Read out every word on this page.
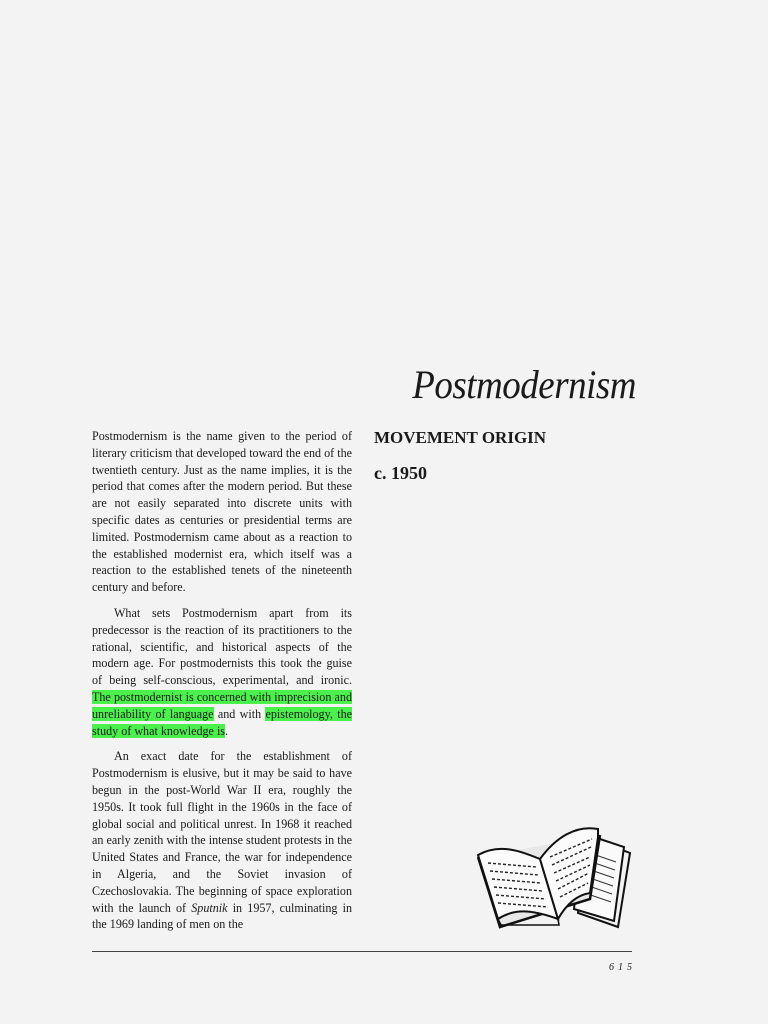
Postmodernism
MOVEMENT ORIGIN
c. 1950

Postmodernism is the name given to the period of literary criticism that developed toward the end of the twentieth century. Just as the name implies, it is the period that comes after the modern period. But these are not easily separated into discrete units with specific dates as centuries or presidential terms are limited. Postmodernism came about as a reaction to the established modernist era, which itself was a reaction to the established tenets of the nineteenth century and before.

What sets Postmodernism apart from its predecessor is the reaction of its practitioners to the rational, scientific, and historical aspects of the modern age. For postmodernists this took the guise of being self-conscious, experimental, and ironic. The postmodernist is concerned with imprecision and unreliability of language and with epistemology, the study of what knowledge is.

An exact date for the establishment of Postmodernism is elusive, but it may be said to have begun in the post-World War II era, roughly the 1950s. It took full flight in the 1960s in the face of global social and political unrest. In 1968 it reached an early zenith with the intense student protests in the United States and France, the war for independence in Algeria, and the Soviet invasion of Czechoslovakia. The beginning of space exploration with the launch of Sputnik in 1957, culminating in the 1969 landing of men on the

615
